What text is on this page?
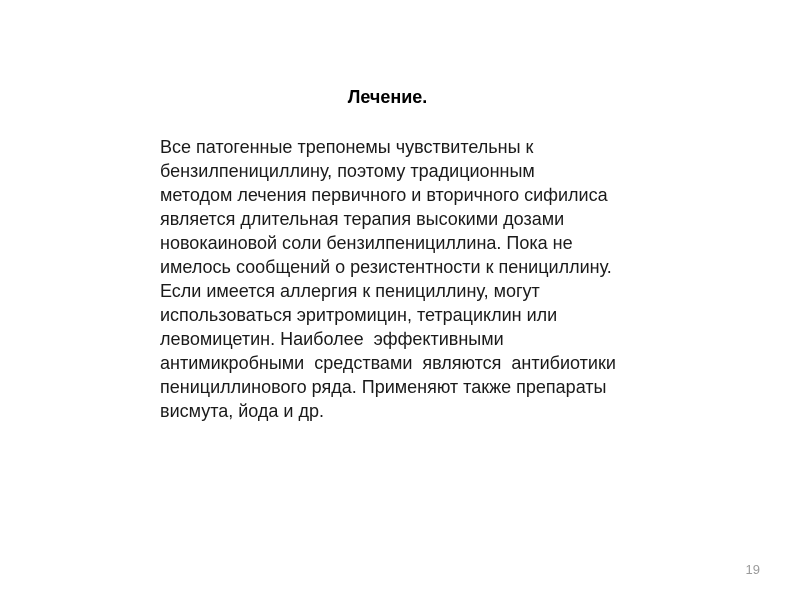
Лечение.
Все патогенные трепонемы чувствительны к
бензилпенициллину, поэтому традиционным
методом лечения первичного и вторичного сифилиса
является длительная терапия высокими дозами
новокаиновой соли бензилпенициллина. Пока не
имелось сообщений о резистентности к пенициллину.
Если имеется аллергия к пенициллину, могут
использоваться эритромицин, тетрациклин или
левомицетин. Наиболее  эффективными
антимикробными  средствами  являются  антибиотики
пенициллинового ряда. Применяют также препараты
висмута, йода и др.
19
